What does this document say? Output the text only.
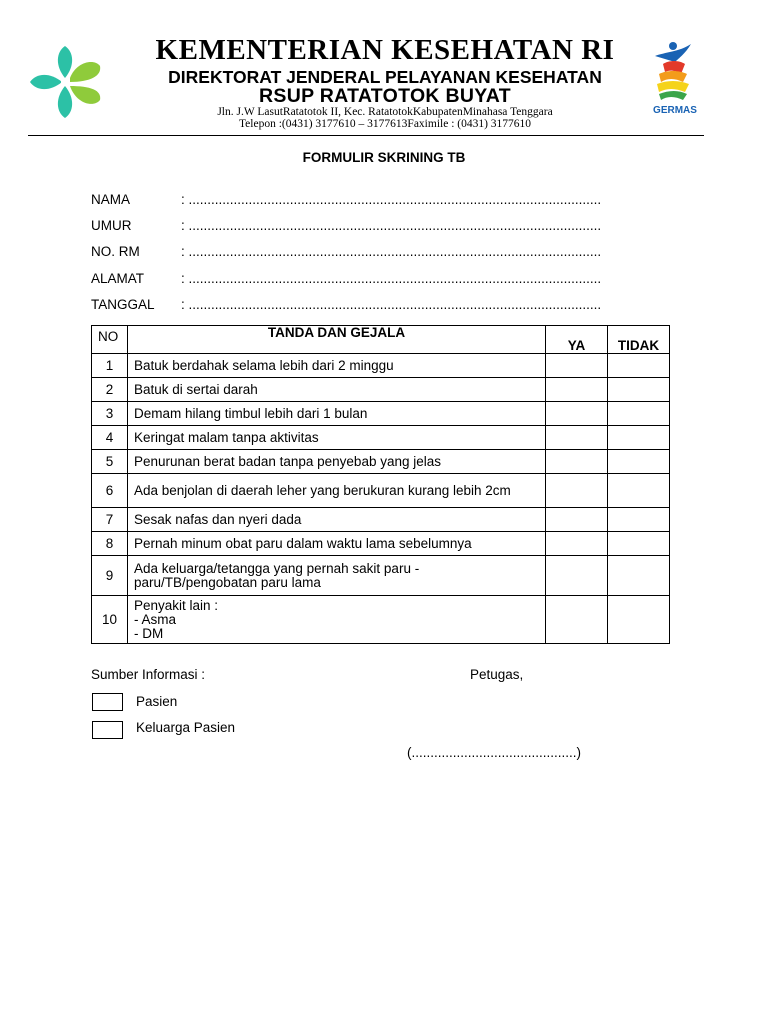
KEMENTERIAN KESEHATAN RI
DIREKTORAT JENDERAL PELAYANAN KESEHATAN
RSUP RATATOTOK BUYAT
Jln. J.W LasutRatatotok II, Kec. RatatotokKabupatenMinahasa Tenggara
Telepon :(0431) 3177610 – 3177613Faximile : (0431) 3177610
GERMAS
FORMULIR SKRINING TB
NAMA	: ..............................................................................................................
UMUR	: ..............................................................................................................
NO. RM	: ..............................................................................................................
ALAMAT	: ..............................................................................................................
TANGGAL : ..............................................................................................................
NO	TANDA DAN GEJALA	YA	TIDAK
1	Batuk berdahak selama lebih dari 2 minggu		
2	Batuk di sertai darah		
3	Demam hilang timbul lebih dari 1 bulan		
4	Keringat malam tanpa aktivitas		
5	Penurunan berat badan tanpa penyebab yang jelas		
6	Ada benjolan di daerah leher yang berukuran kurang lebih 2cm		
7	Sesak nafas dan nyeri dada		
8	Pernah minum obat paru dalam waktu lama sebelumnya		
9	Ada keluarga/tetangga yang pernah sakit paru - paru/TB/pengobatan paru lama		
10	Penyakit lain :
- Asma
- DM		

Sumber Informasi :	Petugas,
Pasien
Keluarga Pasien
(............................................)
